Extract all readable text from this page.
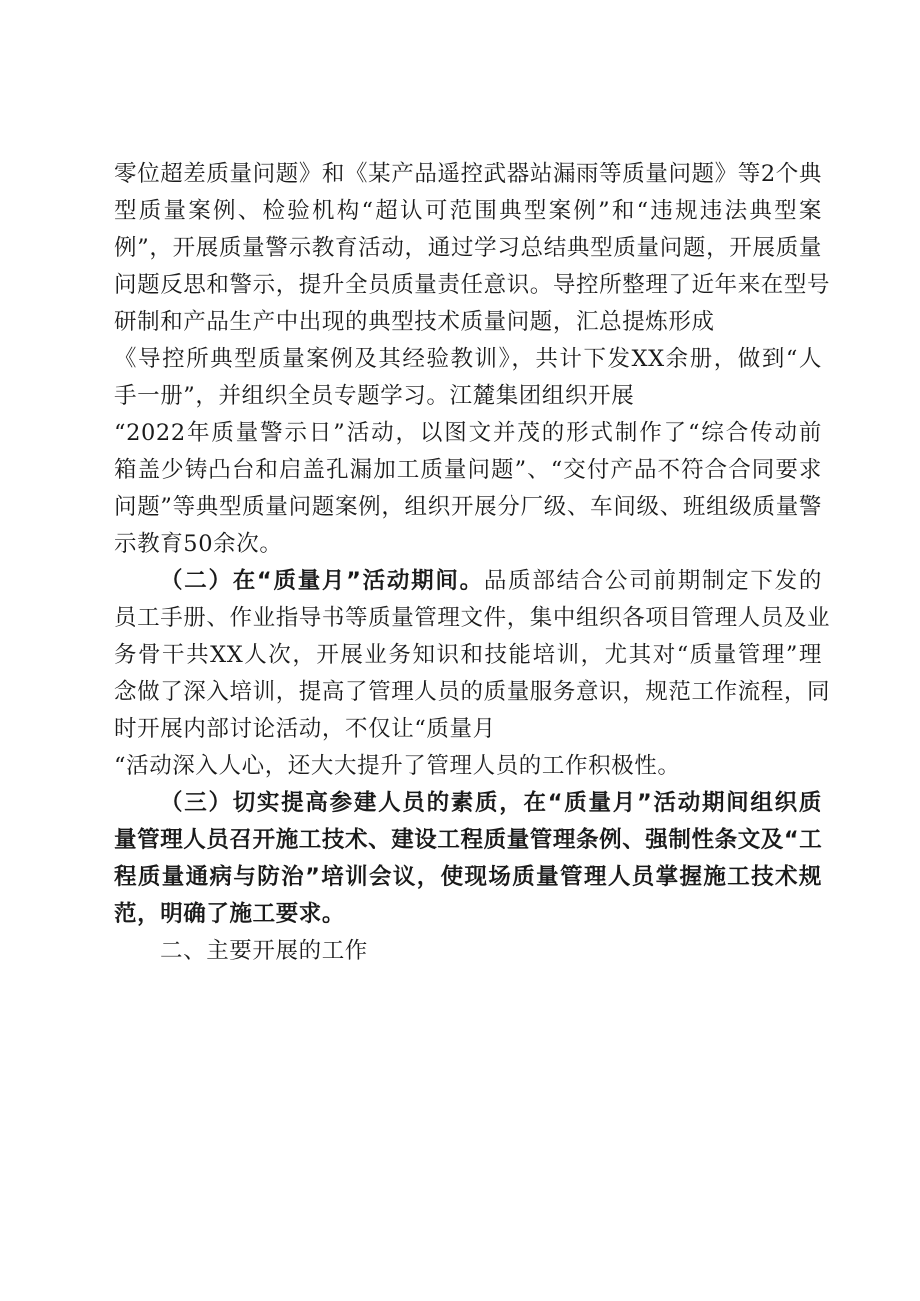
零位超差质量问题》和《某产品遥控武器站漏雨等质量问题》等2个典
型质量案例、检验机构“超认可范围典型案例”和“违规违法典型案
例”，开展质量警示教育活动，通过学习总结典型质量问题，开展质量
问题反思和警示，提升全员质量责任意识。导控所整理了近年来在型号
研制和产品生产中出现的典型技术质量问题，汇总提炼形成
《导控所典型质量案例及其经验教训》，共计下发XX余册，做到“人
手一册”，并组织全员专题学习。江麓集团组织开展
“2022年质量警示日”活动，以图文并茂的形式制作了“综合传动前
箱盖少铸凸台和启盖孔漏加工质量问题”、“交付产品不符合合同要求
问题”等典型质量问题案例，组织开展分厂级、车间级、班组级质量警
示教育50余次。
（二）在“质量月”活动期间。品质部结合公司前期制定下发的
员工手册、作业指导书等质量管理文件，集中组织各项目管理人员及业
务骨干共XX人次，开展业务知识和技能培训，尤其对“质量管理”理
念做了深入培训，提高了管理人员的质量服务意识，规范工作流程，同
时开展内部讨论活动，不仅让“质量月
“活动深入人心，还大大提升了管理人员的工作积极性。
（三）切实提高参建人员的素质，在“质量月”活动期间组织质
量管理人员召开施工技术、建设工程质量管理条例、强制性条文及“工
程质量通病与防治”培训会议，使现场质量管理人员掌握施工技术规
范，明确了施工要求。
二、主要开展的工作
